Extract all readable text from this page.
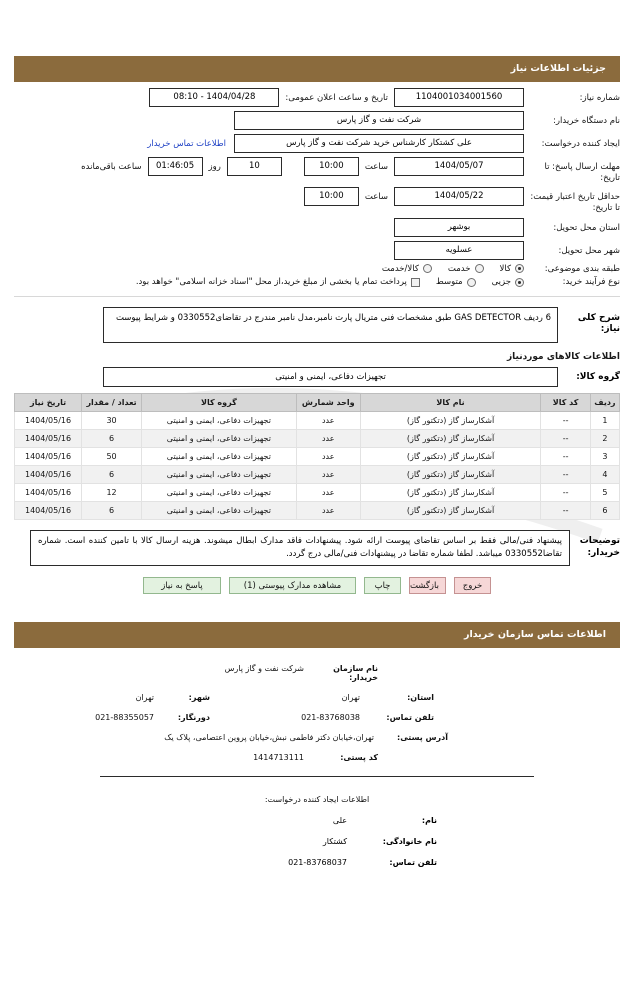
جزئیات اطلاعات نیاز
شماره نیاز:
1104001034001560
تاریخ و ساعت اعلان عمومی:
1404/04/28 - 08:10
نام دستگاه خریدار:
شرکت نفت و گاز پارس
ایجاد کننده درخواست:
علی کشتکار کارشناس خرید شرکت نفت و گاز پارس
اطلاعات تماس خریدار
مهلت ارسال پاسخ: تا تاریخ:
1404/05/07
ساعت
10:00
10
روز
01:46:05
ساعت باقی‌مانده
حداقل تاریخ اعتبار قیمت: تا تاریخ:
1404/05/22
ساعت
10:00
استان محل تحویل:
بوشهر
شهر محل تحویل:
عسلویه
طبقه بندی موضوعی:
کالا
خدمت
کالا/خدمت
نوع فرآیند خرید:
جزیی
متوسط
پرداخت تمام یا بخشی از مبلغ خرید،از محل "اسناد خزانه اسلامی" خواهد بود.
شرح کلی نیاز:
6 ردیف GAS DETECTOR طبق مشخصات فنی متریال پارت نامبر،مدل نامبر مندرج در تقاضای0330552 و شرایط پیوست
اطلاعات کالاهای موردنیاز
گروه کالا:
تجهیزات دفاعی، ایمنی و امنیتی
ردیف	کد کالا	نام کالا	واحد شمارش	گروه کالا	تعداد / مقدار	تاریخ نیاز
1	--	آشکارساز گاز (دتکتور گاز)	عدد	تجهیزات دفاعی، ایمنی و امنیتی	30	1404/05/16
2	--	آشکارساز گاز (دتکتور گاز)	عدد	تجهیزات دفاعی، ایمنی و امنیتی	6	1404/05/16
3	--	آشکارساز گاز (دتکتور گاز)	عدد	تجهیزات دفاعی، ایمنی و امنیتی	50	1404/05/16
4	--	آشکارساز گاز (دتکتور گاز)	عدد	تجهیزات دفاعی، ایمنی و امنیتی	6	1404/05/16
5	--	آشکارساز گاز (دتکتور گاز)	عدد	تجهیزات دفاعی، ایمنی و امنیتی	12	1404/05/16
6	--	آشکارساز گاز (دتکتور گاز)	عدد	تجهیزات دفاعی، ایمنی و امنیتی	6	1404/05/16
توضیحات خریدار:
پیشنهاد فنی/مالی فقط بر اساس تقاضای پیوست ارائه شود. پیشنهادات فاقد مدارک ابطال میشوند. هزینه ارسال کالا با تامین کننده است. شماره تقاضا0330552 میباشد. لطفا شماره تقاضا در پیشنهادات فنی/مالی درج گردد.
خروج
بازگشت
چاپ
مشاهده مدارک پیوستی (1)
پاسخ به نیاز
اطلاعات تماس سازمان خریدار
نام سازمان خریدار:
شرکت نفت و گاز پارس
استان:
تهران
شهر:
تهران
تلفن تماس:
021-83768038
دورنگار:
021-88355057
آدرس پستی:
تهران،خیابان دکتر فاطمی نبش،خیابان پروین اعتصامی، پلاک یک
کد پستی:
1414713111
اطلاعات ایجاد کننده درخواست:
نام:
علی
نام خانوادگی:
کشتکار
تلفن تماس:
021-83768037
